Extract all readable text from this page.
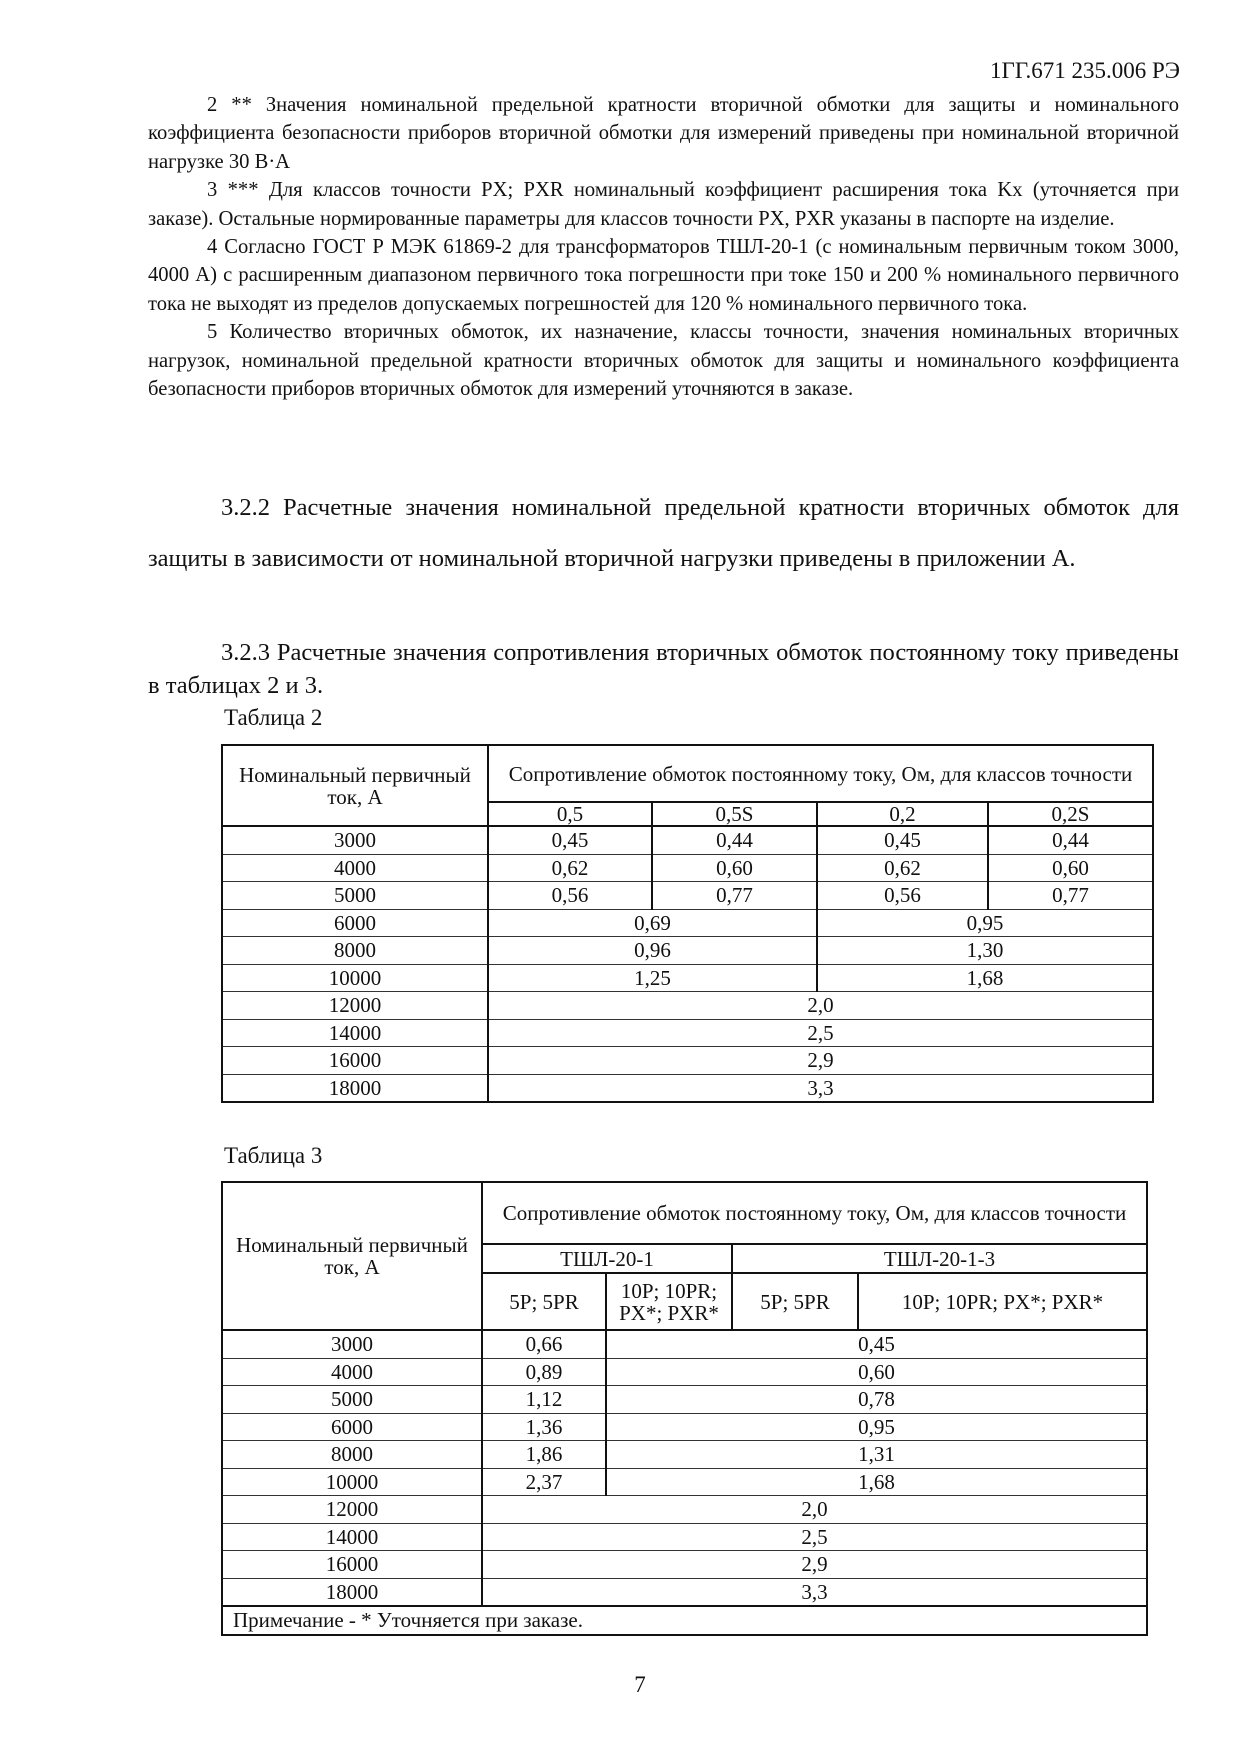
1ГГ.671 235.006 РЭ

2 ** Значения номинальной предельной кратности вторичной обмотки для защиты и номинального коэффициента безопасности приборов вторичной обмотки для измерений приведены при номинальной вторичной нагрузке 30 В·А

3 *** Для классов точности PX; PXR номинальный коэффициент расширения тока Kx (уточняется при заказе). Остальные нормированные параметры для классов точности PX, PXR указаны в паспорте на изделие.

4 Согласно ГОСТ Р МЭК 61869-2 для трансформаторов ТШЛ-20-1 (с номинальным первичным током 3000, 4000 А) с расширенным диапазоном первичного тока погрешности при токе 150 и 200 % номинального первичного тока не выходят из пределов допускаемых погрешностей для 120 % номинального первичного тока.

5 Количество вторичных обмоток, их назначение, классы точности, значения номинальных вторичных нагрузок, номинальной предельной кратности вторичных обмоток для защиты и номинального коэффициента безопасности приборов вторичных обмоток для измерений уточняются в заказе.

3.2.2 Расчетные значения номинальной предельной кратности вторичных обмоток для защиты в зависимости от номинальной вторичной нагрузки приведены в приложении А.

3.2.3 Расчетные значения сопротивления вторичных обмоток постоянному току приведены в таблицах 2 и 3.

Таблица 2
Номинальный первичный ток, А	Сопротивление обмоток постоянному току, Ом, для классов точности			
	0,5	0,5S	0,2	0,2S
3000	0,45	0,44	0,45	0,44
4000	0,62	0,60	0,62	0,60
5000	0,56	0,77	0,56	0,77
6000	0,69		0,95	
8000	0,96		1,30	
10000	1,25		1,68	
12000	2,0			
14000	2,5			
16000	2,9			
18000	3,3			
Таблица 3
Номинальный первичный ток, А	Сопротивление обмоток постоянному току, Ом, для классов точности			
	ТШЛ-20-1		ТШЛ-20-1-3	
	5P; 5PR	10P; 10PR; PX*; PXR*	5P; 5PR	10P; 10PR; PX*; PXR*
3000	0,66	0,45		
4000	0,89	0,60		
5000	1,12	0,78		
6000	1,36	0,95		
8000	1,86	1,31		
10000	2,37	1,68		
12000	2,0			
14000	2,5			
16000	2,9			
18000	3,3			
Примечание - * Уточняется при заказе.				
7
